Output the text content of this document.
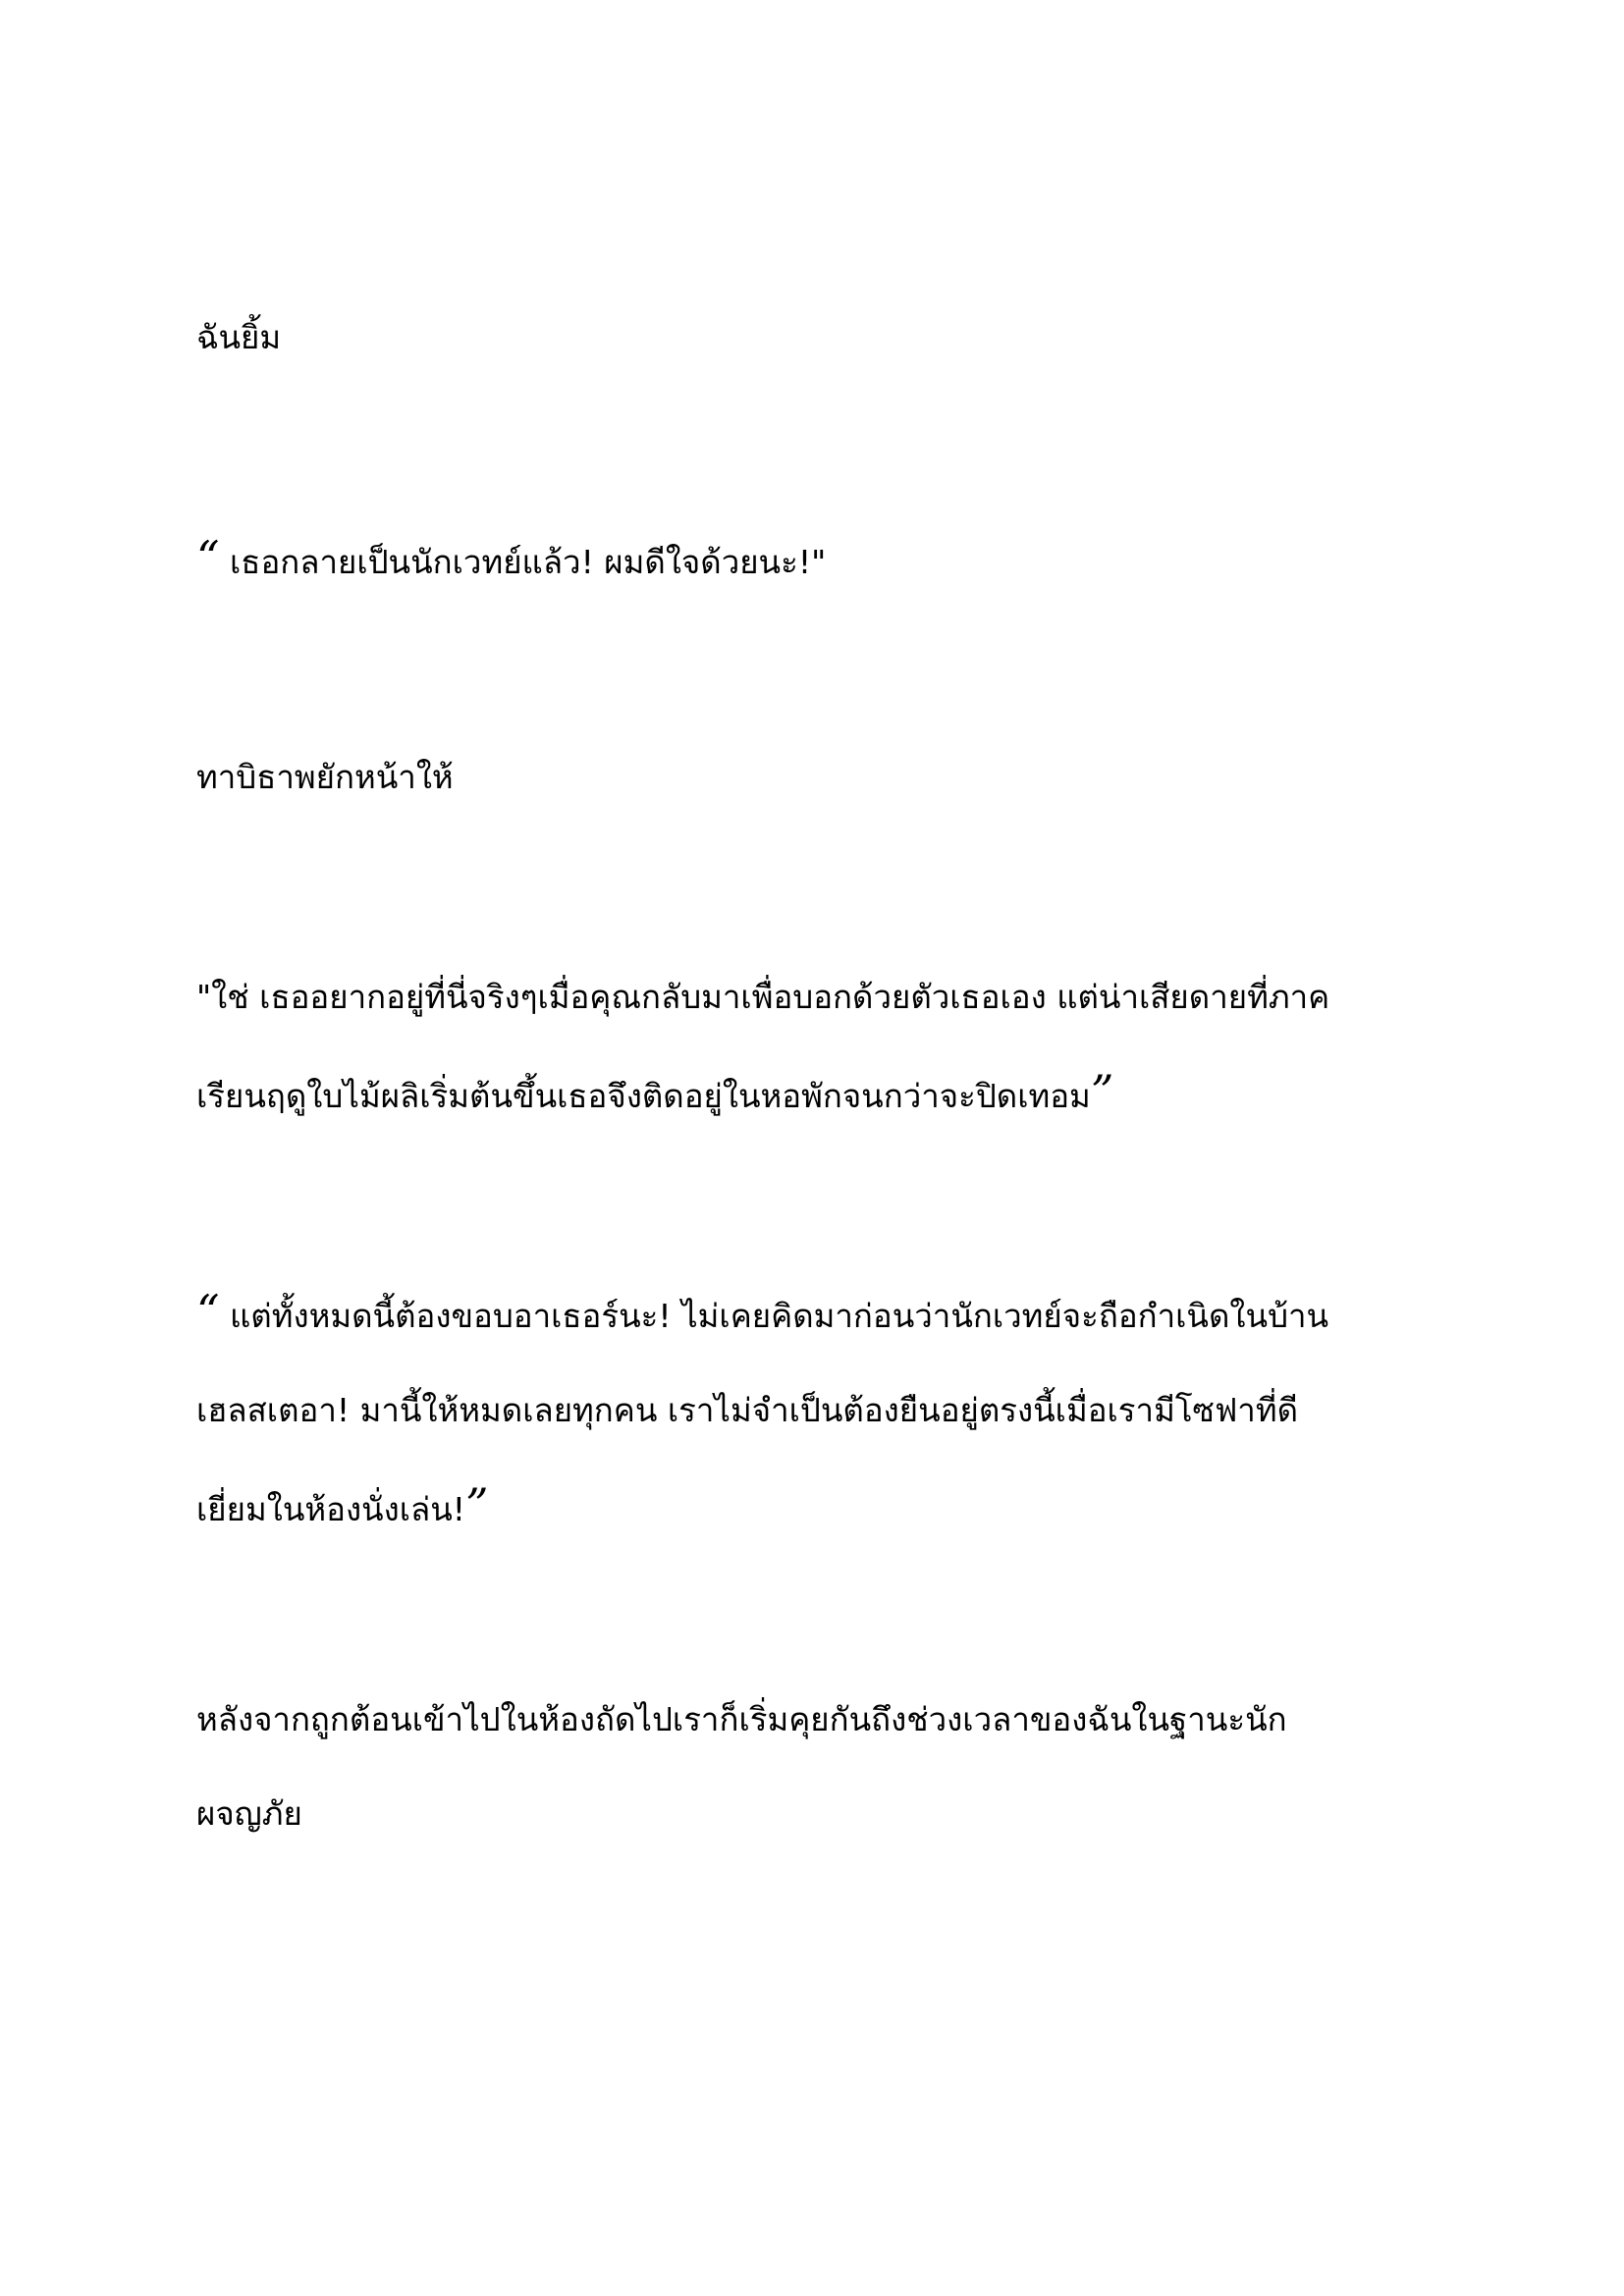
ฉันยิ้ม

“ เธอกลายเป็นนักเวทย์แล้ว! ผมดีใจด้วยนะ!"

ทาบิธาพยักหน้าให้

"ใช่ เธออยากอยู่ที่นี่จริงๆเมื่อคุณกลับมาเพื่อบอกด้วยตัวเธอเอง แต่น่าเสียดายที่ภาค
เรียนฤดูใบไม้ผลิเริ่มต้นขึ้นเธอจึงติดอยู่ในหอพักจนกว่าจะปิดเทอม”

“ แต่ทั้งหมดนี้ต้องขอบอาเธอร์นะ! ไม่เคยคิดมาก่อนว่านักเวทย์จะถือกำเนิดในบ้าน
เฮลสเตอา! มานี้ให้หมดเลยทุกคน เราไม่จำเป็นต้องยืนอยู่ตรงนี้เมื่อเรามีโซฟาที่ดี
เยี่ยมในห้องนั่งเล่น!”

หลังจากถูกต้อนเข้าไปในห้องถัดไปเราก็เริ่มคุยกันถึงช่วงเวลาของฉันในฐานะนัก
ผจญภัย
